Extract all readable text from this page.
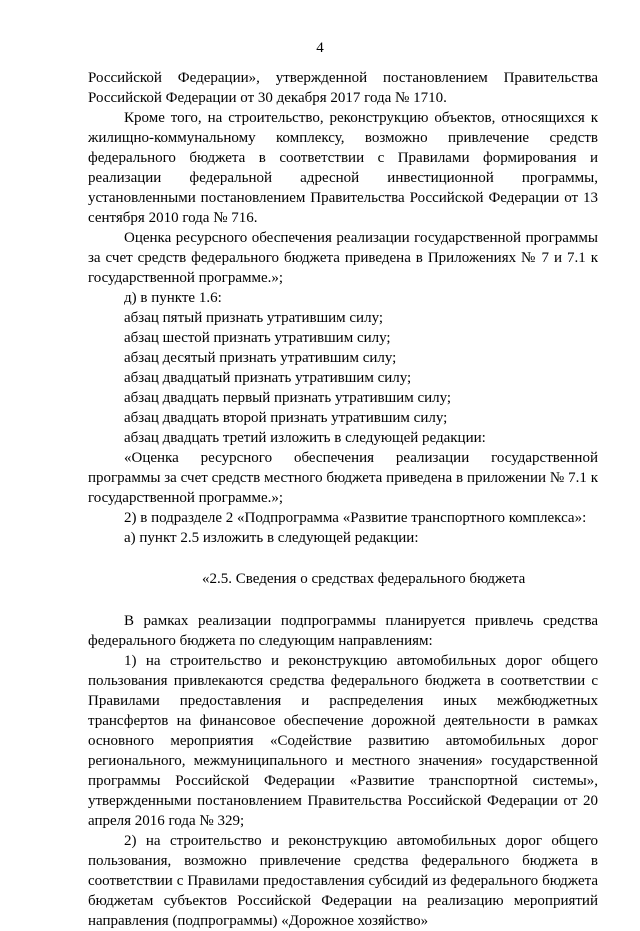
4

Российской Федерации», утвержденной постановлением Правительства Российской Федерации от 30 декабря 2017 года № 1710.

Кроме того, на строительство, реконструкцию объектов, относящихся к жилищно-коммунальному комплексу, возможно привлечение средств федерального бюджета в соответствии с Правилами формирования и реализации федеральной адресной инвестиционной программы, установленными постановлением Правительства Российской Федерации от 13 сентября 2010 года № 716.

Оценка ресурсного обеспечения реализации государственной программы за счет средств федерального бюджета приведена в Приложениях № 7 и 7.1 к государственной программе.»;

д) в пункте 1.6:

абзац пятый признать утратившим силу;

абзац шестой признать утратившим силу;

абзац десятый признать утратившим силу;

абзац двадцатый признать утратившим силу;

абзац двадцать первый признать утратившим силу;

абзац двадцать второй признать утратившим силу;

абзац двадцать третий изложить в следующей редакции:

«Оценка ресурсного обеспечения реализации государственной программы за счет средств местного бюджета приведена в приложении № 7.1 к государственной программе.»;

2) в подразделе 2 «Подпрограмма «Развитие транспортного комплекса»:

а) пункт 2.5 изложить в следующей редакции:

«2.5. Сведения о средствах федерального бюджета

В рамках реализации подпрограммы планируется привлечь средства федерального бюджета по следующим направлениям:

1) на строительство и реконструкцию автомобильных дорог общего пользования привлекаются средства федерального бюджета в соответствии с Правилами предоставления и распределения иных межбюджетных трансфертов на финансовое обеспечение дорожной деятельности в рамках основного мероприятия «Содействие развитию автомобильных дорог регионального, межмуниципального и местного значения» государственной программы Российской Федерации «Развитие транспортной системы», утвержденными постановлением Правительства Российской Федерации от 20 апреля 2016 года № 329;

2) на строительство и реконструкцию автомобильных дорог общего пользования, возможно привлечение средства федерального бюджета в соответствии с Правилами предоставления субсидий из федерального бюджета бюджетам субъектов Российской Федерации на реализацию мероприятий направления (подпрограммы) «Дорожное хозяйство»
